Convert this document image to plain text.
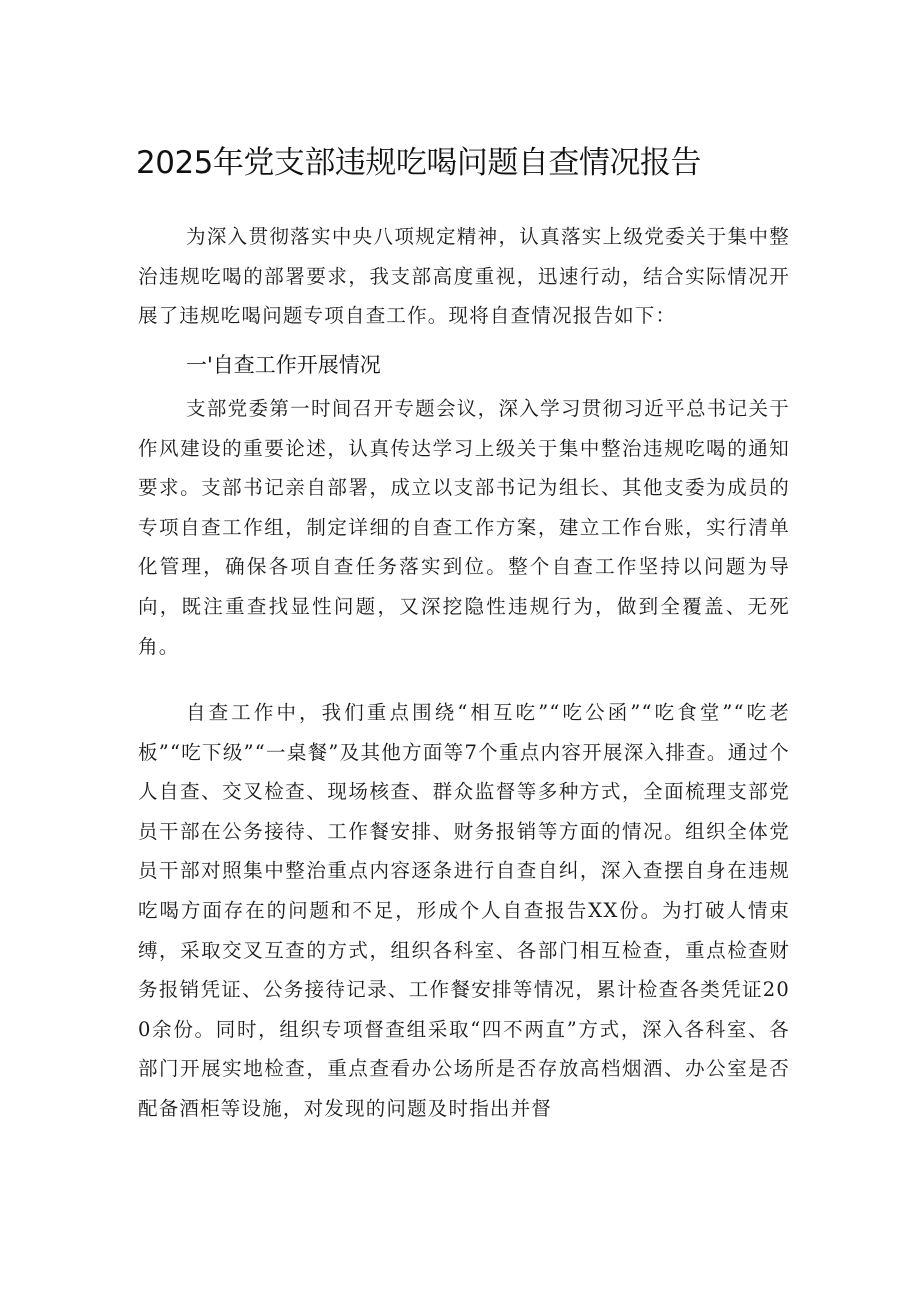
2025年党支部违规吃喝问题自查情况报告

为深入贯彻落实中央八项规定精神，认真落实上级党委关于集中整治违规吃喝的部署要求，我支部高度重视，迅速行动，结合实际情况开展了违规吃喝问题专项自查工作。现将自查情况报告如下：

一'自查工作开展情况

支部党委第一时间召开专题会议，深入学习贯彻习近平总书记关于作风建设的重要论述，认真传达学习上级关于集中整治违规吃喝的通知要求。支部书记亲自部署，成立以支部书记为组长、其他支委为成员的专项自查工作组，制定详细的自查工作方案，建立工作台账，实行清单化管理，确保各项自查任务落实到位。整个自查工作坚持以问题为导向，既注重查找显性问题，又深挖隐性违规行为，做到全覆盖、无死角。

自查工作中，我们重点围绕“相互吃”“吃公函”“吃食堂”“吃老板”“吃下级”“一桌餐”及其他方面等7个重点内容开展深入排查。通过个人自查、交叉检查、现场核查、群众监督等多种方式，全面梳理支部党员干部在公务接待、工作餐安排、财务报销等方面的情况。组织全体党员干部对照集中整治重点内容逐条进行自查自纠，深入查摆自身在违规吃喝方面存在的问题和不足，形成个人自查报告XX份。为打破人情束缚，采取交叉互查的方式，组织各科室、各部门相互检查，重点检查财务报销凭证、公务接待记录、工作餐安排等情况，累计检查各类凭证200余份。同时，组织专项督查组采取“四不两直”方式，深入各科室、各部门开展实地检查，重点查看办公场所是否存放高档烟酒、办公室是否配备酒柜等设施，对发现的问题及时指出并督
